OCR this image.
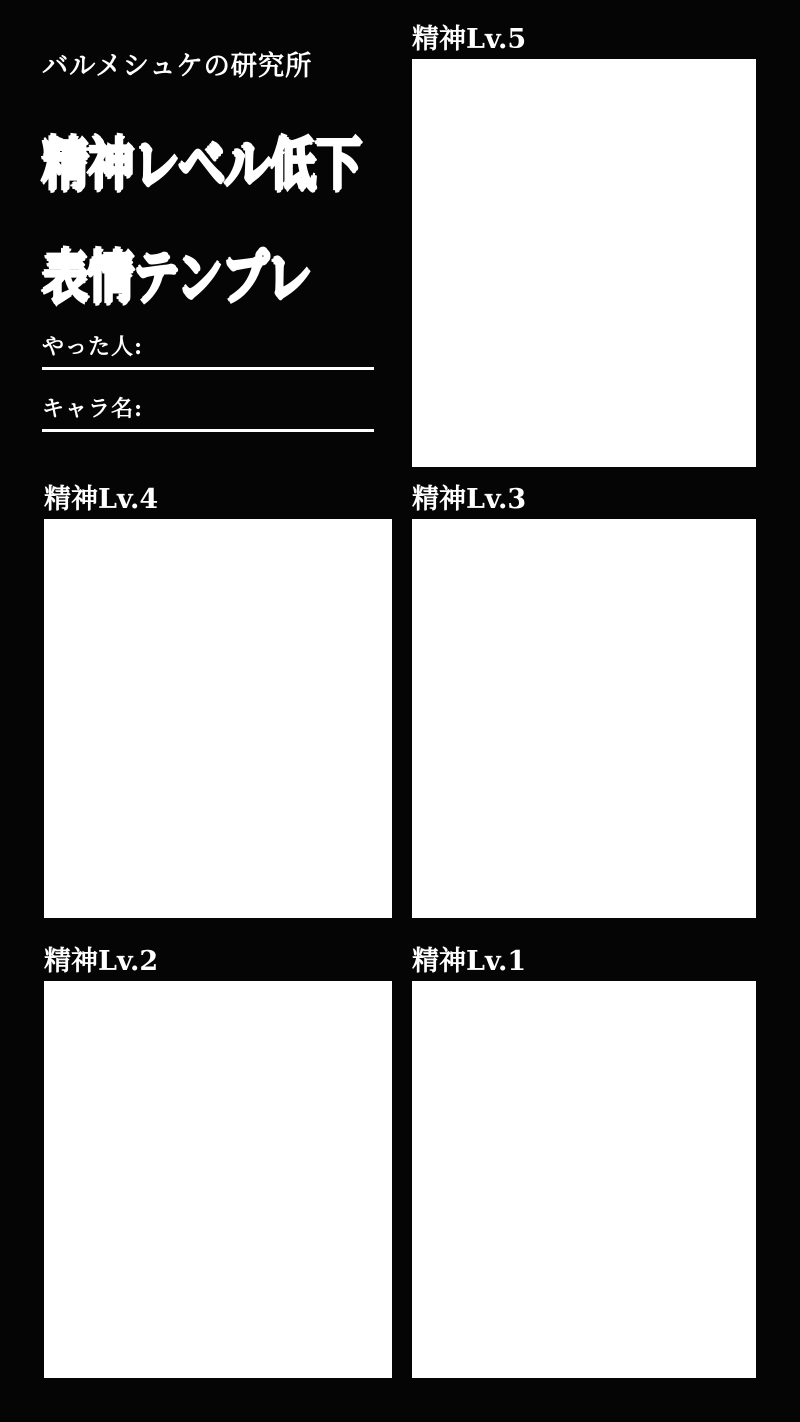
バルメシュケの研究所
精神レベル低下
表情テンプレ
やった人:
キャラ名:
精神Lv.5
精神Lv.4	精神Lv.3
精神Lv.2	精神Lv.1
